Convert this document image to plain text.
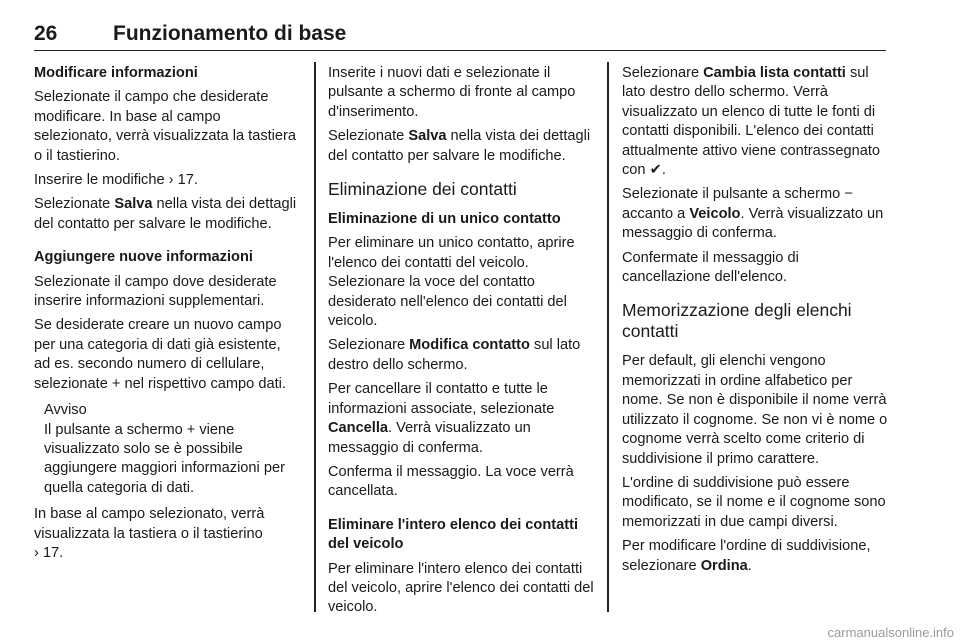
26	Funzionamento di base

Modificare informazioni

Selezionate il campo che desiderate modificare. In base al campo selezionato, verrà visualizzata la tastiera o il tastierino.

Inserire le modifiche › 17.

Selezionate Salva nella vista dei dettagli del contatto per salvare le modifiche.

Aggiungere nuove informazioni

Selezionate il campo dove desiderate inserire informazioni supplementari.

Se desiderate creare un nuovo campo per una categoria di dati già esistente, ad es. secondo numero di cellulare, selezionate + nel rispettivo campo dati.

Avviso

Il pulsante a schermo + viene visualizzato solo se è possibile aggiungere maggiori informazioni per quella categoria di dati.

In base al campo selezionato, verrà visualizzata la tastiera o il tastierino
› 17.

Inserite i nuovi dati e selezionate il pulsante a schermo di fronte al campo d'inserimento.

Selezionate Salva nella vista dei dettagli del contatto per salvare le modifiche.

Eliminazione dei contatti

Eliminazione di un unico contatto

Per eliminare un unico contatto, aprire l'elenco dei contatti del veicolo. Selezionare la voce del contatto desiderato nell'elenco dei contatti del veicolo.

Selezionare Modifica contatto sul lato destro dello schermo.

Per cancellare il contatto e tutte le informazioni associate, selezionate Cancella. Verrà visualizzato un messaggio di conferma.

Conferma il messaggio. La voce verrà cancellata.

Eliminare l'intero elenco dei contatti del veicolo

Per eliminare l'intero elenco dei contatti del veicolo, aprire l'elenco dei contatti del veicolo.

Selezionare Cambia lista contatti sul lato destro dello schermo. Verrà visualizzato un elenco di tutte le fonti di contatti disponibili. L'elenco dei contatti attualmente attivo viene contrassegnato con ✔.

Selezionate il pulsante a schermo −
accanto a Veicolo. Verrà visualizzato un messaggio di conferma.

Confermate il messaggio di cancellazione dell'elenco.

Memorizzazione degli elenchi contatti

Per default, gli elenchi vengono memorizzati in ordine alfabetico per nome. Se non è disponibile il nome verrà utilizzato il cognome. Se non vi è nome o cognome verrà scelto come criterio di suddivisione il primo carattere.

L'ordine di suddivisione può essere modificato, se il nome e il cognome sono memorizzati in due campi diversi.

Per modificare l'ordine di suddivisione, selezionare Ordina.

carmanualsonline.info
